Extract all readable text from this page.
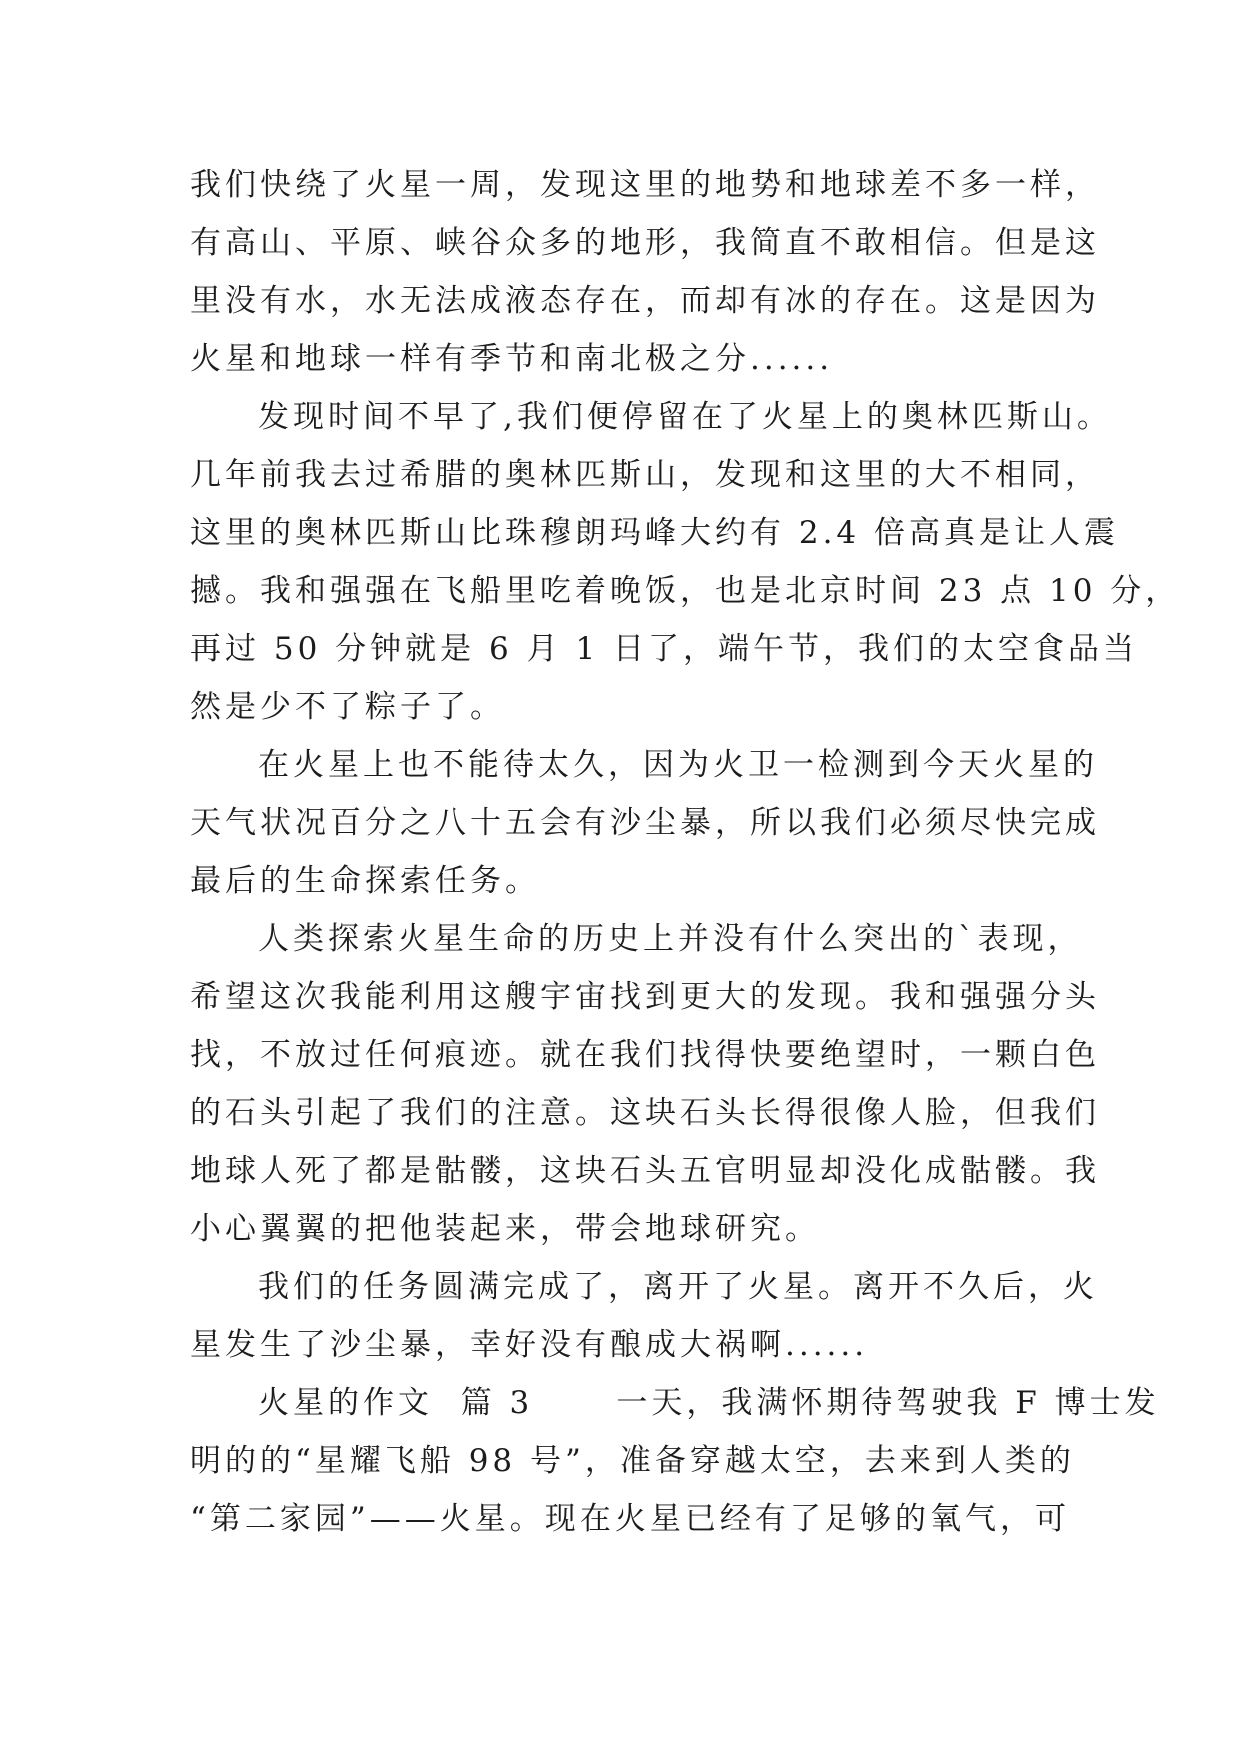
我们快绕了火星一周，发现这里的地势和地球差不多一样，
有高山、平原、峡谷众多的地形，我简直不敢相信。但是这
里没有水，水无法成液态存在，而却有冰的存在。这是因为
火星和地球一样有季节和南北极之分......
发现时间不早了,我们便停留在了火星上的奥林匹斯山。
几年前我去过希腊的奥林匹斯山，发现和这里的大不相同，
这里的奥林匹斯山比珠穆朗玛峰大约有 2.4 倍高真是让人震
撼。我和强强在飞船里吃着晚饭，也是北京时间 23 点 10 分，
再过 50 分钟就是 6 月 1 日了，端午节，我们的太空食品当
然是少不了粽子了。
在火星上也不能待太久，因为火卫一检测到今天火星的
天气状况百分之八十五会有沙尘暴，所以我们必须尽快完成
最后的生命探索任务。
人类探索火星生命的历史上并没有什么突出的`表现，
希望这次我能利用这艘宇宙找到更大的发现。我和强强分头
找，不放过任何痕迹。就在我们找得快要绝望时，一颗白色
的石头引起了我们的注意。这块石头长得很像人脸，但我们
地球人死了都是骷髅，这块石头五官明显却没化成骷髅。我
小心翼翼的把他装起来，带会地球研究。
我们的任务圆满完成了，离开了火星。离开不久后，火
星发生了沙尘暴，幸好没有酿成大祸啊......
火星的作文  篇 3      一天，我满怀期待驾驶我 F 博士发
明的的“星耀飞船 98 号”，准备穿越太空，去来到人类的
“第二家园”——火星。现在火星已经有了足够的氧气，可
